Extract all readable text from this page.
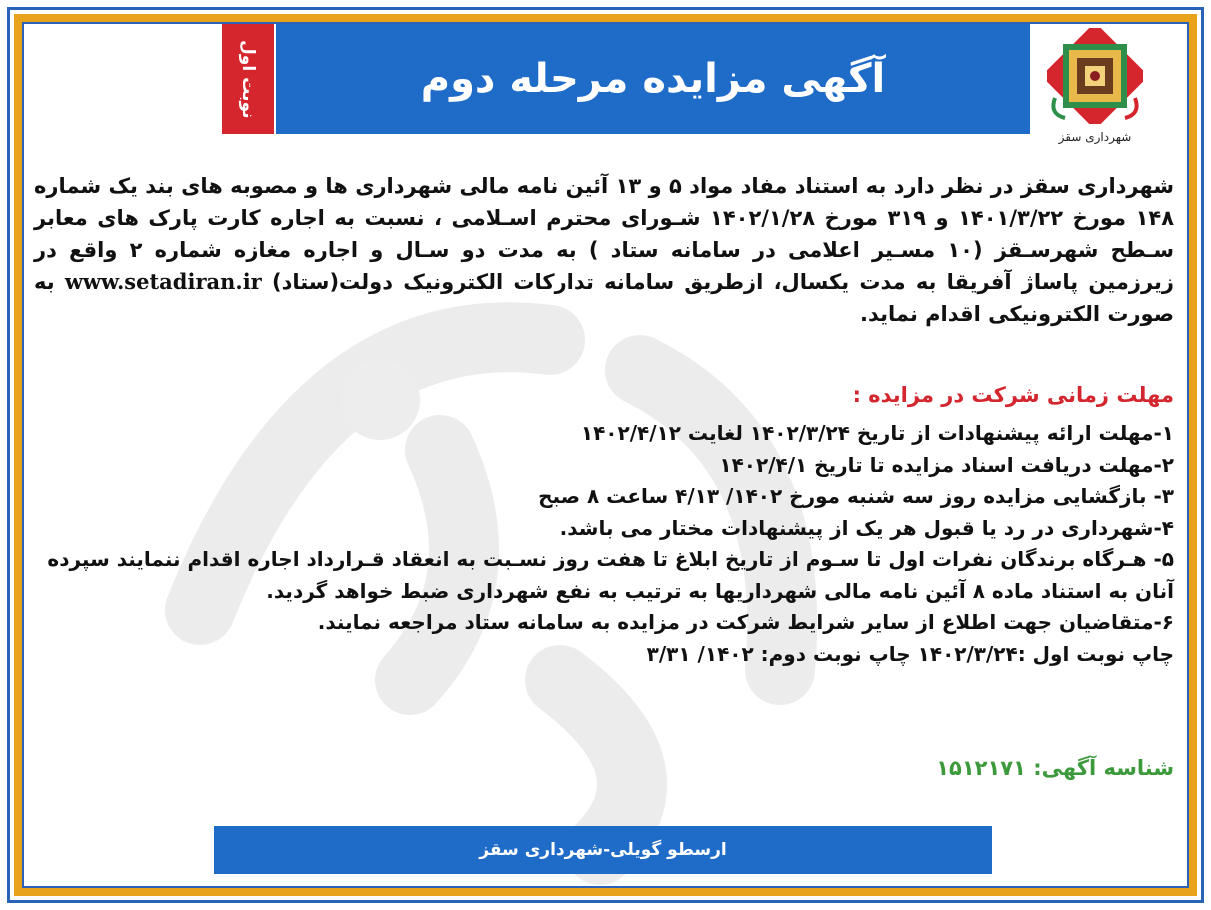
نوبت اول	آگهی مزایده مرحله دوم
شهرداری سقز

شهرداری سقز در نظر دارد به استناد مفاد مواد ۵ و ۱۳ آئین نامه مالی شهرداری ها و مصوبه های بند یک شماره ۱۴۸ مورخ ۱۴۰۱/۳/۲۲ و ۳۱۹ مورخ ۱۴۰۲/۱/۲۸ شـورای محترم اسـلامی ، نسبت به اجاره کارت پارک های معابر سـطح شهرسـقز (۱۰ مسـیر اعلامی در سامانه ستاد ) به مدت دو سـال و اجاره مغازه شماره ۲ واقع در زیرزمین پاساژ آفریقا به مدت یکسال، ازطریق سامانه تدارکات الکترونیک دولت(ستاد) www.setadiran.ir به صورت الکترونیکی اقدام نماید.

مهلت زمانی شرکت در مزایده :
۱-مهلت ارائه پیشنهادات از تاریخ ۱۴۰۲/۳/۲۴ لغایت ۱۴۰۲/۴/۱۲
۲-مهلت دریافت اسناد مزایده تا تاریخ ۱۴۰۲/۴/۱
۳- بازگشایی مزایده روز سه شنبه مورخ ۱۴۰۲/ ۴/۱۳ ساعت ۸ صبح
۴-شهرداری در رد یا قبول هر یک از پیشنهادات مختار می باشد.
۵- هـرگاه برندگان نفرات اول تا سـوم از تاریخ ابلاغ تا هفت روز نسـبت به انعقاد قـرارداد اجاره اقدام ننمایند سپرده آنان به استناد ماده ۸ آئین نامه مالی شهرداریها به ترتیب به نفع شهرداری ضبط خواهد گردید.
۶-متقاضیان جهت اطلاع از سایر شرایط شرکت در مزایده به سامانه ستاد مراجعه نمایند.
چاپ نوبت اول :۱۴۰۲/۳/۲۴ چاپ نوبت دوم: ۱۴۰۲/ ۳/۳۱
شناسه آگهی: ۱۵۱۲۱۷۱
ارسطو گویلی-شهرداری سقز
